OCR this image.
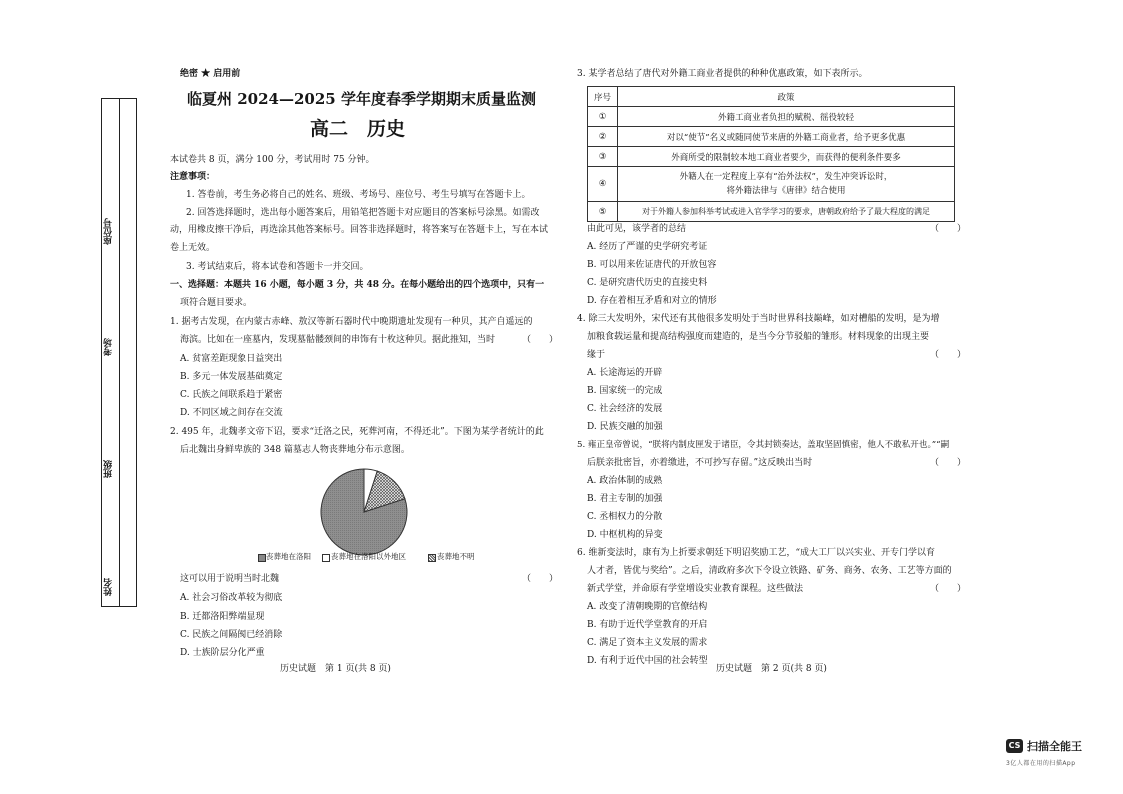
座位号
考场
班级
姓名
绝密 ★ 启用前
临夏州 2024—2025 学年度春季学期期末质量监测
高二　历史
本试卷共 8 页，满分 100 分，考试用时 75 分钟。
注意事项：
1. 答卷前，考生务必将自己的姓名、班级、考场号、座位号、考生号填写在答题卡上。
2. 回答选择题时，选出每小题答案后，用铅笔把答题卡对应题目的答案标号涂黑。如需改
动，用橡皮擦干净后，再选涂其他答案标号。回答非选择题时，将答案写在答题卡上，写在本试
卷上无效。
3. 考试结束后，将本试卷和答题卡一并交回。
一、选择题：本题共 16 小题，每小题 3 分，共 48 分。在每小题给出的四个选项中，只有一
项符合题目要求。
1. 据考古发现，在内蒙古赤峰、敖汉等新石器时代中晚期遗址发现有一种贝，其产自遥远的
海滨。比如在一座墓内，发现墓骷髅颈间的串饰有十枚这种贝。据此推知，当时	（　　）
A. 贫富差距现象日益突出
B. 多元一体发展基础奠定
C. 氏族之间联系趋于紧密
D. 不同区域之间存在交流
2. 495 年，北魏孝文帝下诏，要求“迁洛之民，死葬河南，不得还北”。下图为某学者统计的此
后北魏出身鲜卑族的 348 篇墓志人物丧葬地分布示意图。
丧葬地在洛阳	丧葬地在洛阳以外地区	丧葬地不明
这可以用于说明当时北魏	（　　）
A. 社会习俗改革较为彻底
B. 迁都洛阳弊端显现
C. 民族之间隔阂已经消除
D. 士族阶层分化严重
历史试题　第 1 页(共 8 页)
3. 某学者总结了唐代对外籍工商业者提供的种种优惠政策，如下表所示。
序号	政策
①	外籍工商业者负担的赋税、徭役较轻
②	对以“使节”名义或随同使节来唐的外籍工商业者，给予更多优惠
③	外商所受的限制较本地工商业者要少，而获得的便利条件要多
④	外籍人在一定程度上享有“治外法权”，发生冲突诉讼时，
将外籍法律与《唐律》结合使用

⑤	对于外籍人参加科举考试或进入官学学习的要求，唐朝政府给予了最大程度的满足
由此可见，该学者的总结	（　　）
A. 经历了严谨的史学研究考证
B. 可以用来佐证唐代的开放包容
C. 是研究唐代历史的直接史料
D. 存在着相互矛盾和对立的情形
4. 除三大发明外，宋代还有其他很多发明处于当时世界科技巅峰，如对槽船的发明，是为增
加粮食载运量和提高结构强度而建造的，是当今分节驳船的雏形。材料现象的出现主要
缘于	（　　）
A. 长途海运的开辟
B. 国家统一的完成
C. 社会经济的发展
D. 民族交融的加强
5. 雍正皇帝曾说，“朕将内制皮匣发于诸臣，令其封锁奏达，盖取坚固慎密，他人不敢私开也。”“嗣
后朕亲批密旨，亦着缴进，不可抄写存留。”这反映出当时	（　　）
A. 政治体制的成熟
B. 君主专制的加强
C. 丞相权力的分散
D. 中枢机构的异变
6. 维新变法时，康有为上折要求朝廷下明诏奖励工艺，“成大工厂以兴实业、开专门学以育
人才者，皆优与奖给”。之后，清政府多次下令设立铁路、矿务、商务、农务、工艺等方面的
新式学堂，并命原有学堂增设实业教育课程。这些做法	（　　）
A. 改变了清朝晚期的官僚结构
B. 有助于近代学堂教育的开启
C. 满足了资本主义发展的需求
D. 有利于近代中国的社会转型
历史试题　第 2 页(共 8 页)
CS 扫描全能王
3亿人都在用的扫描App
